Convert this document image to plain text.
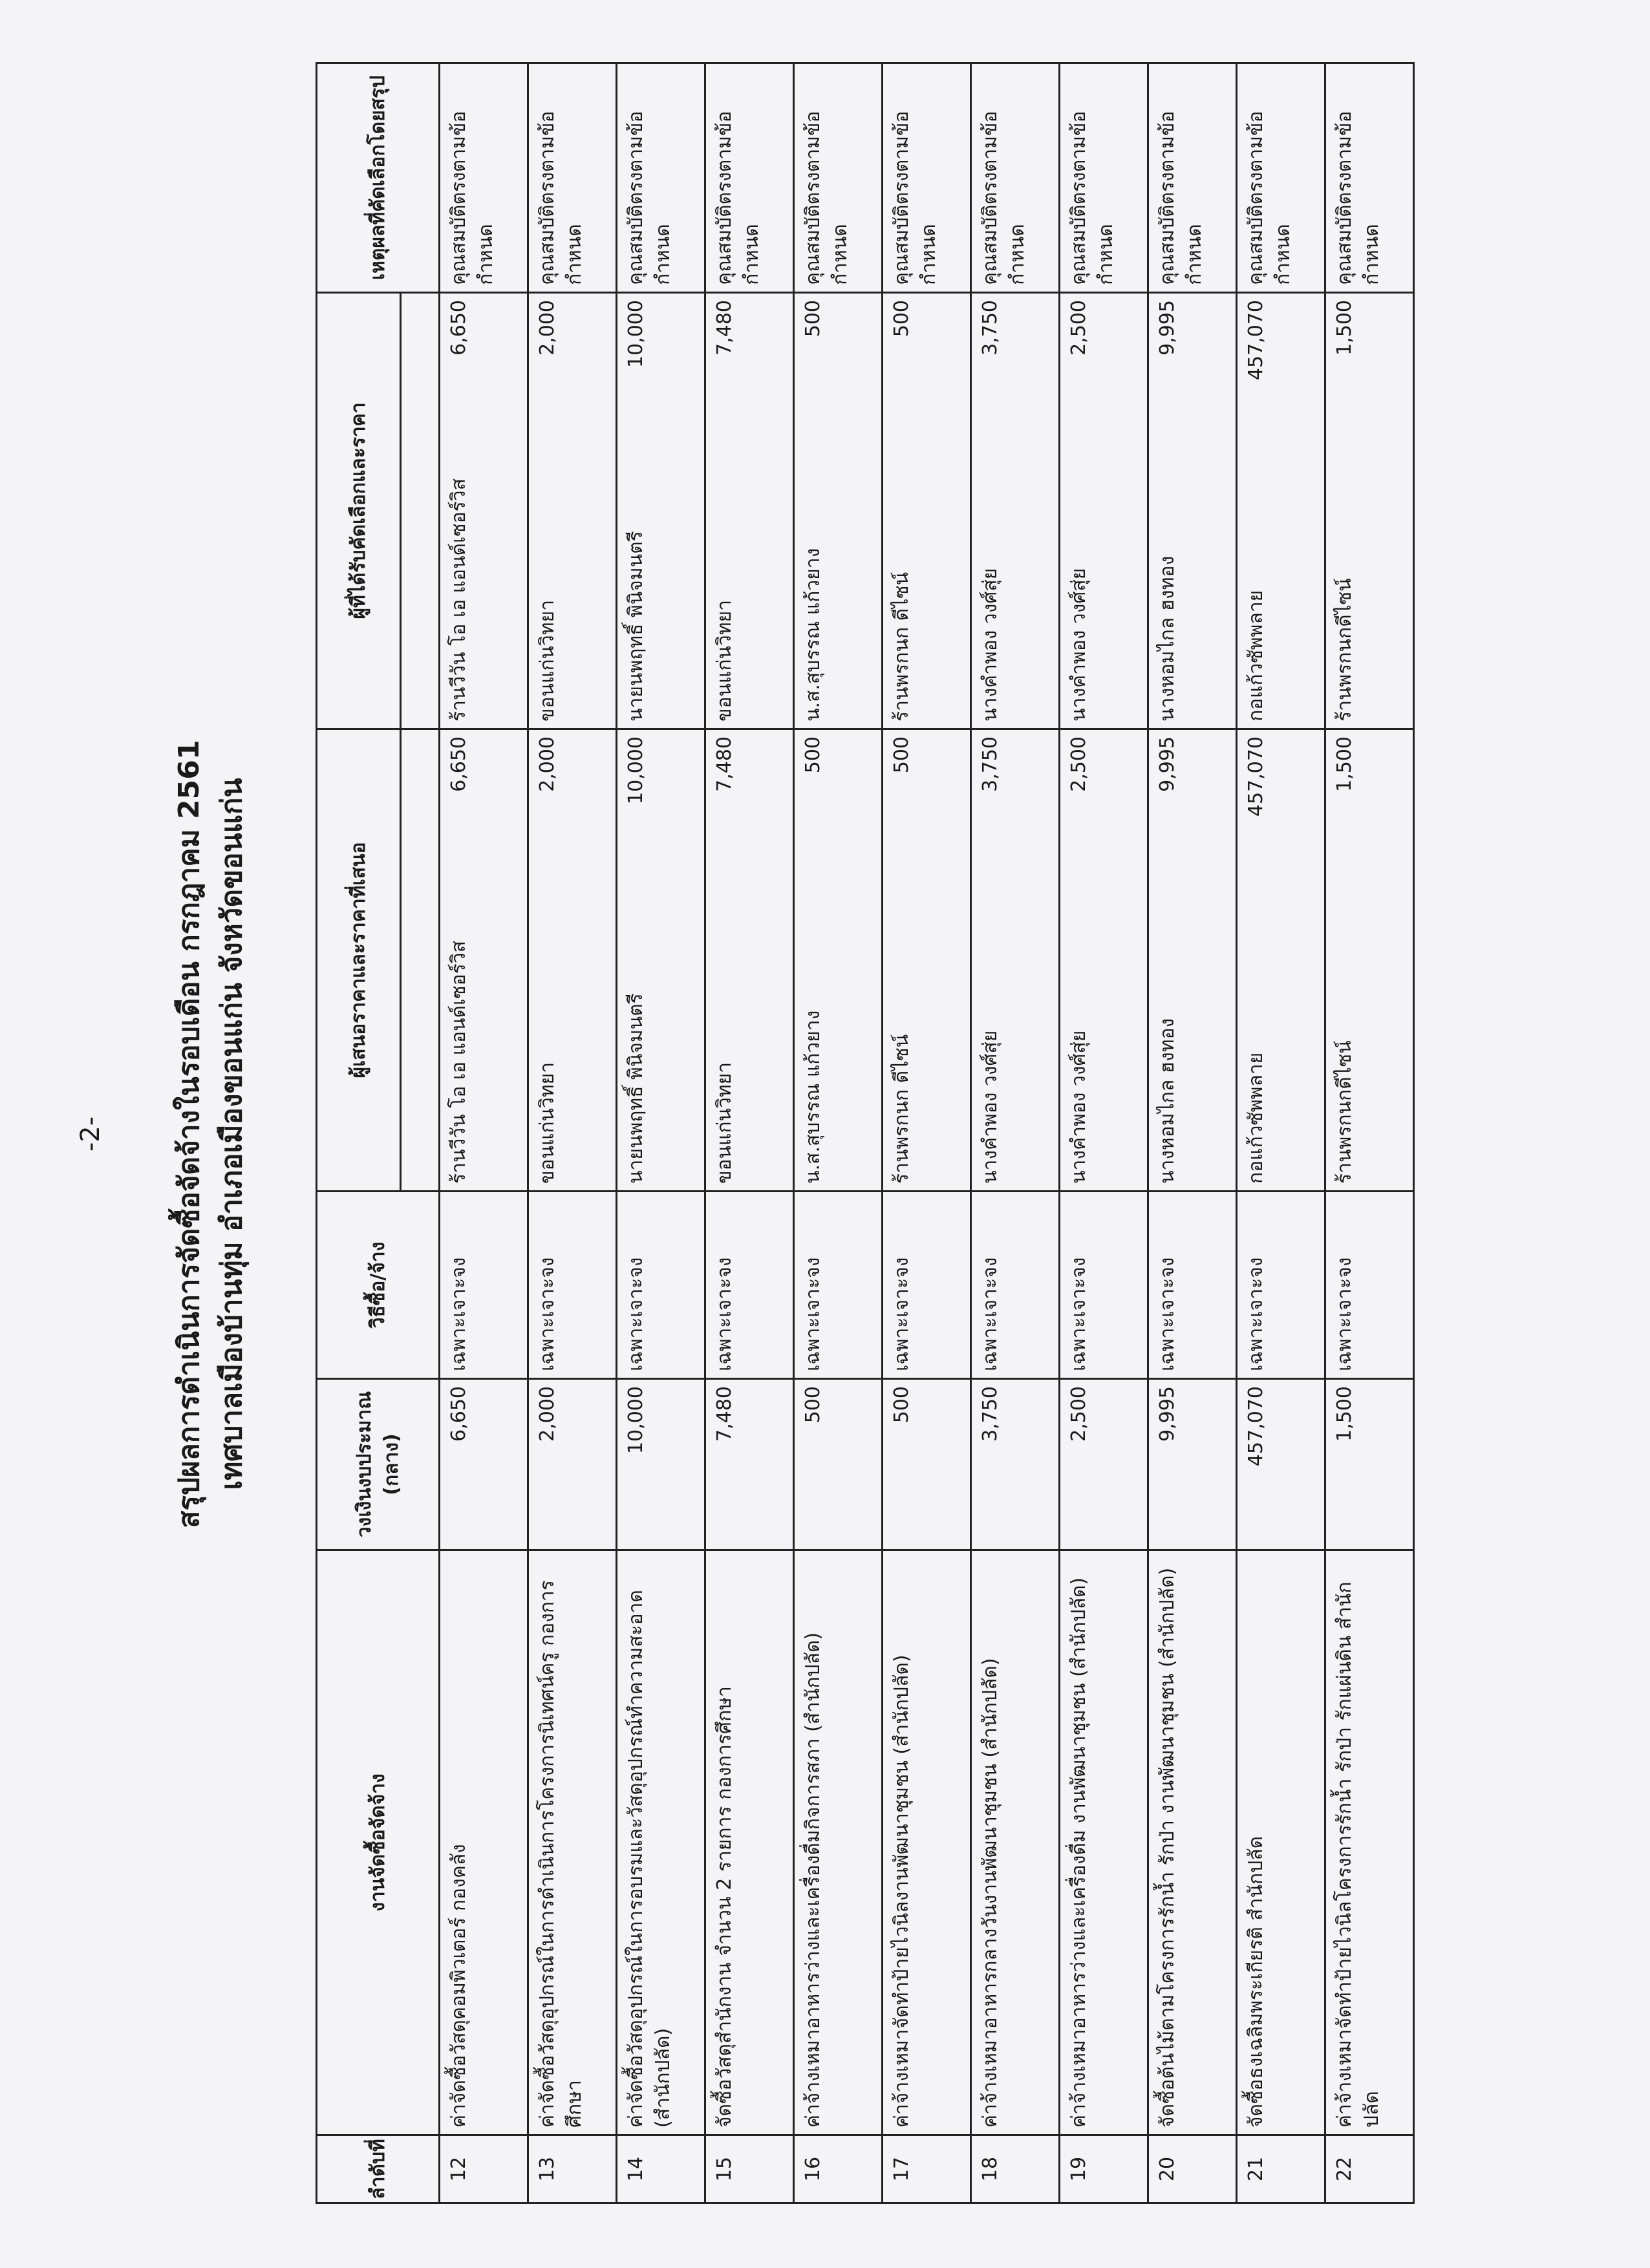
-2- สรุปผลการดำเนินการจัดซื้อจัดจ้างในรอบเดือน กรกฎาคม 2561 เทศบาลเมืองบ้านทุ่ม อำเภอเมืองขอนแก่น จังหวัดขอนแก่น
ลำดับที่	งานจัดซื้อจัดจ้าง	วงเงินงบประมาณ (กลาง)	วิธีซื้อ/จ้าง	ผู้เสนอราคาและราคาที่เสนอ		ผู้ที่ได้รับคัดเลือกและราคา		เหตุผลที่คัดเลือกโดยสรุป

12	ค่าจัดซื้อวัสดุคอมพิวเตอร์ กองคลัง	6,650	เฉพาะเจาะจง	ร้านวีวัน โอ เอ แอนด์เซอร์วิส	6,650	ร้านวีวัน โอ เอ แอนด์เซอร์วิส	6,650	คุณสมบัติตรงตามข้อกำหนด
13	ค่าจัดซื้อวัสดุอุปกรณ์ในการดำเนินการโครงการนิเทศน์ครู กองการศึกษา	2,000	เฉพาะเจาะจง	ขอนแก่นวิทยา	2,000	ขอนแก่นวิทยา	2,000	คุณสมบัติตรงตามข้อกำหนด
14	ค่าจัดซื้อวัสดุอุปกรณ์ในการอบรมและวัสดุอุปกรณ์ทำความสะอาด (สำนักปลัด)	10,000	เฉพาะเจาะจง	นายนพฤทธิ์ พินิจมนตรี	10,000	นายนพฤทธิ์ พินิจมนตรี	10,000	คุณสมบัติตรงตามข้อกำหนด
15	จัดซื้อวัสดุสำนักงาน จำนวน 2 รายการ กองการศึกษา	7,480	เฉพาะเจาะจง	ขอนแก่นวิทยา	7,480	ขอนแก่นวิทยา	7,480	คุณสมบัติตรงตามข้อกำหนด
16	ค่าจ้างเหมาอาหารว่างและเครื่องดื่มกิจการสภา (สำนักปลัด)	500	เฉพาะเจาะจง	น.ส.สุบรรณ แก้วยาง	500	น.ส.สุบรรณ แก้วยาง	500	คุณสมบัติตรงตามข้อกำหนด
17	ค่าจ้างเหมาจัดทำป้ายไวนิลงานพัฒนาชุมชน (สำนักปลัด)	500	เฉพาะเจาะจง	ร้านพรกนก ดีไซน์	500	ร้านพรกนก ดีไซน์	500	คุณสมบัติตรงตามข้อกำหนด
18	ค่าจ้างเหมาอาหารกลางวันงานพัฒนาชุมชน (สำนักปลัด)	3,750	เฉพาะเจาะจง	นางคำพอง วงศ์สุ่ย	3,750	นางคำพอง วงศ์สุ่ย	3,750	คุณสมบัติตรงตามข้อกำหนด
19	ค่าจ้างเหมาอาหารว่างและเครื่องดื่ม งานพัฒนาชุมชน (สำนักปลัด)	2,500	เฉพาะเจาะจง	นางคำพอง วงศ์สุ่ย	2,500	นางคำพอง วงศ์สุ่ย	2,500	คุณสมบัติตรงตามข้อกำหนด
20	จัดซื้อต้นไม้ตามโครงการรักน้ำ รักป่า งานพัฒนาชุมชน (สำนักปลัด)	9,995	เฉพาะเจาะจง	นางหอมไกล ฮงทอง	9,995	นางหอมไกล ฮงทอง	9,995	คุณสมบัติตรงตามข้อกำหนด
21	จัดซื้อธงเฉลิมพระเกียรติ สำนักปลัด	457,070	เฉพาะเจาะจง	กอแก้วซัพพลาย	457,070	กอแก้วซัพพลาย	457,070	คุณสมบัติตรงตามข้อกำหนด
22	ค่าจ้างเหมาจัดทำป้ายไวนิลโครงการรักน้ำ รักป่า รักแผ่นดิน สำนักปลัด	1,500	เฉพาะเจาะจง	ร้านพรกนกดีไซน์	1,500	ร้านพรกนกดีไซน์	1,500	คุณสมบัติตรงตามข้อกำหนด
